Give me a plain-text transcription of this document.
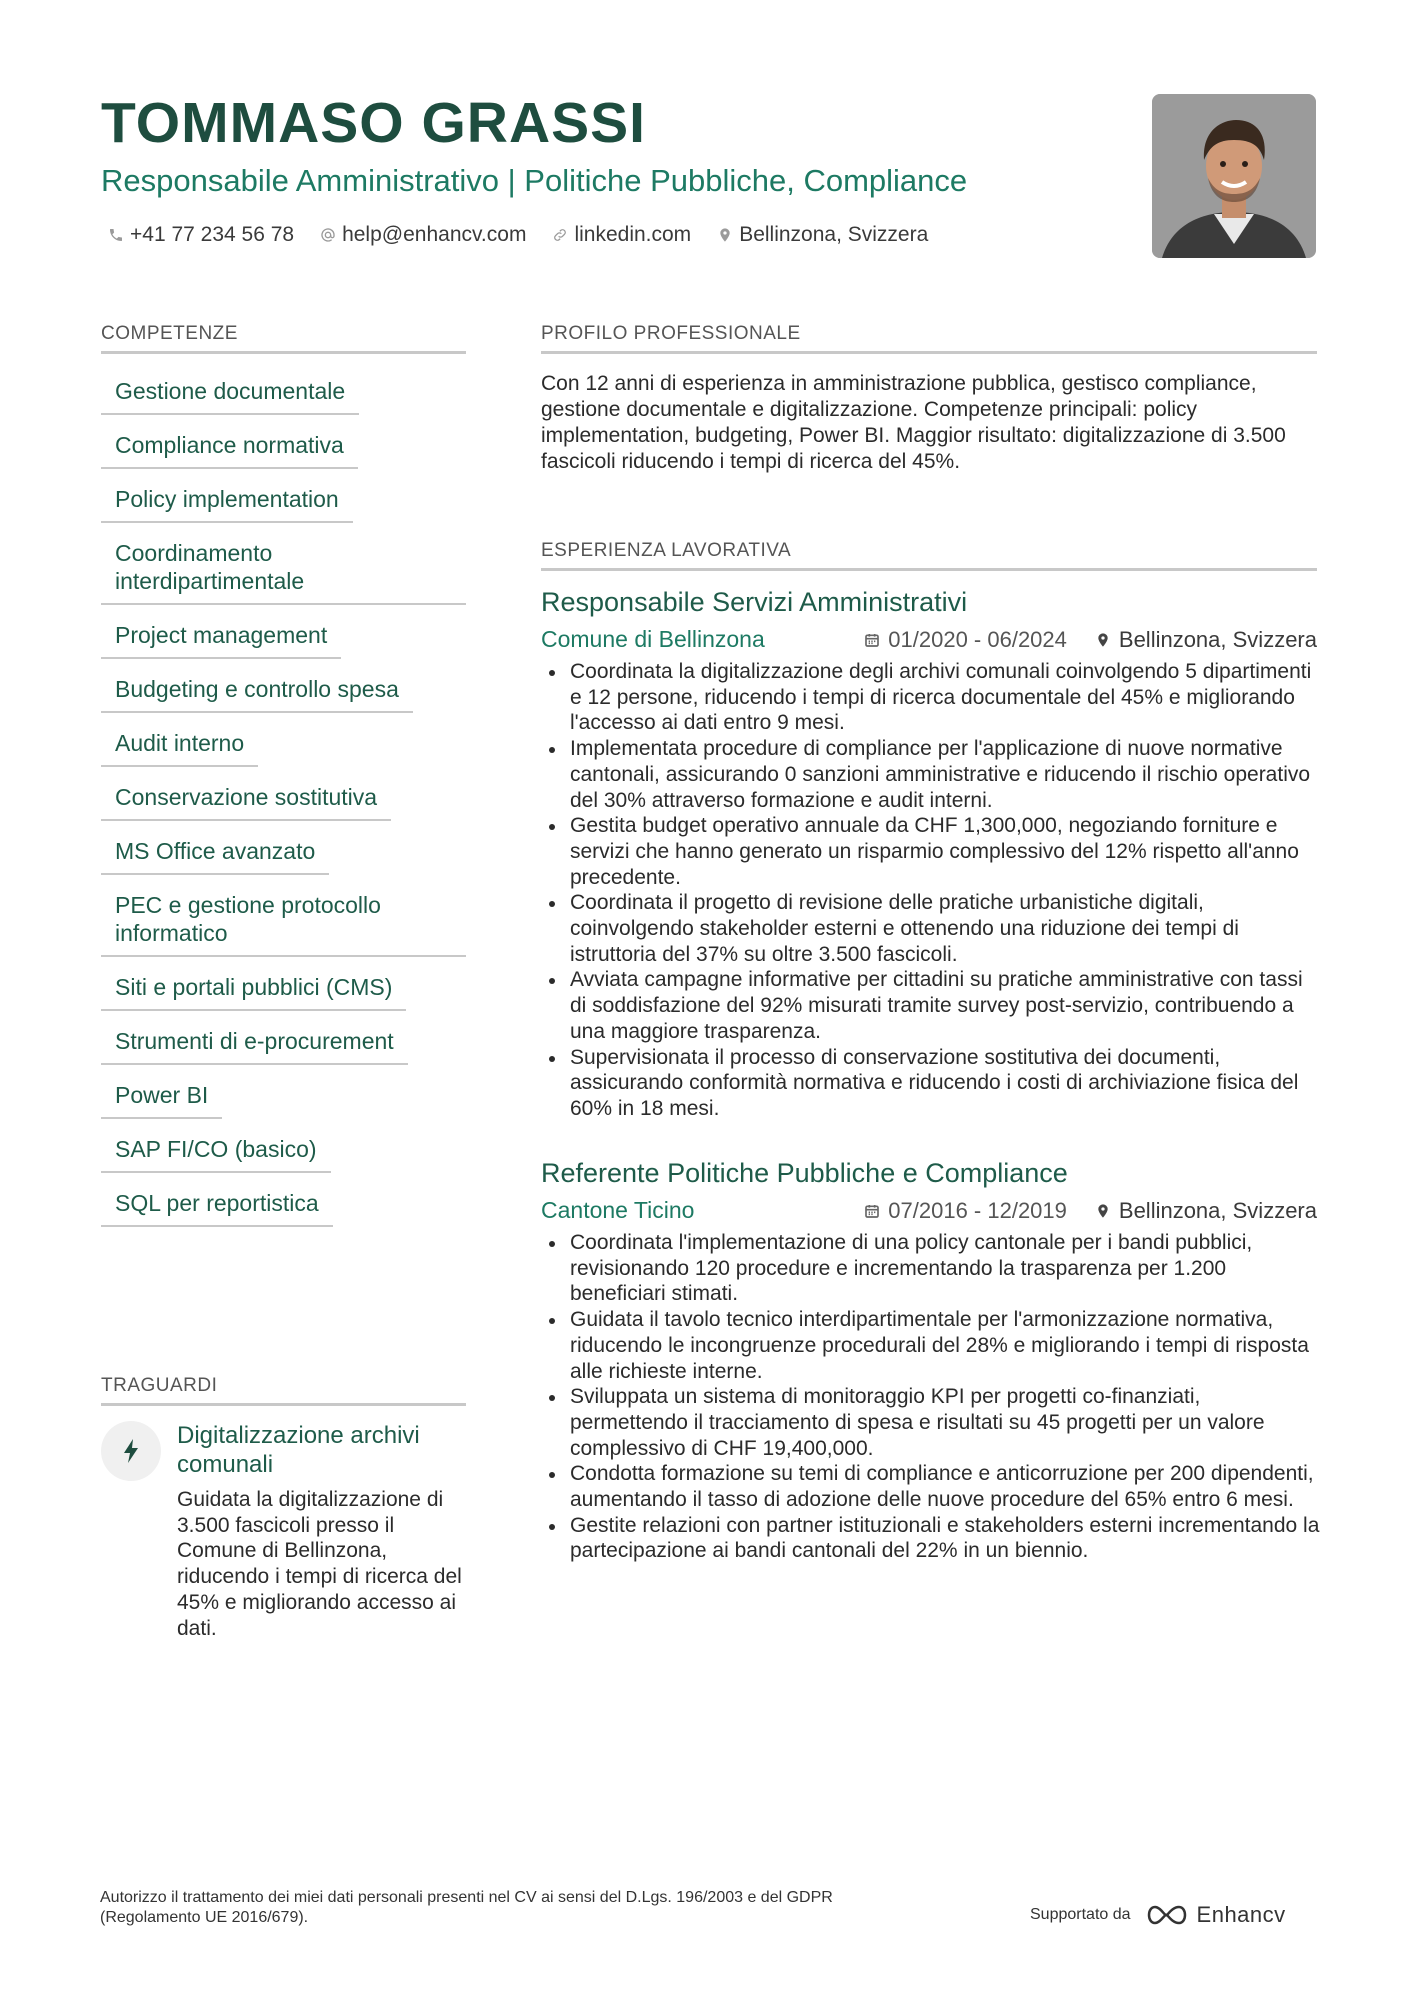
TOMMASO GRASSI
Responsabile Amministrativo | Politiche Pubbliche, Compliance
+41 77 234 56 78 help@enhancv.com linkedin.com Bellinzona, Svizzera
COMPETENZE
Gestione documentale
Compliance normativa
Policy implementation
Coordinamento interdipartimentale
Project management
Budgeting e controllo spesa
Audit interno
Conservazione sostitutiva
MS Office avanzato
PEC e gestione protocollo informatico
Siti e portali pubblici (CMS)
Strumenti di e-procurement
Power BI
SAP FI/CO (basico)
SQL per reportistica
TRAGUARDI
Digitalizzazione archivi comunali
Guidata la digitalizzazione di 3.500 fascicoli presso il Comune di Bellinzona, riducendo i tempi di ricerca del 45% e migliorando accesso ai dati.
PROFILO PROFESSIONALE
Con 12 anni di esperienza in amministrazione pubblica, gestisco compliance, gestione documentale e digitalizzazione. Competenze principali: policy implementation, budgeting, Power BI. Maggior risultato: digitalizzazione di 3.500 fascicoli riducendo i tempi di ricerca del 45%.
ESPERIENZA LAVORATIVA
Responsabile Servizi Amministrativi
Comune di Bellinzona	01/2020 - 06/2024 Bellinzona, Svizzera
Coordinata la digitalizzazione degli archivi comunali coinvolgendo 5 dipartimenti e 12 persone, riducendo i tempi di ricerca documentale del 45% e migliorando l'accesso ai dati entro 9 mesi.
Implementata procedure di compliance per l'applicazione di nuove normative cantonali, assicurando 0 sanzioni amministrative e riducendo il rischio operativo del 30% attraverso formazione e audit interni.
Gestita budget operativo annuale da CHF 1,300,000, negoziando forniture e servizi che hanno generato un risparmio complessivo del 12% rispetto all'anno precedente.
Coordinata il progetto di revisione delle pratiche urbanistiche digitali, coinvolgendo stakeholder esterni e ottenendo una riduzione dei tempi di istruttoria del 37% su oltre 3.500 fascicoli.
Avviata campagne informative per cittadini su pratiche amministrative con tassi di soddisfazione del 92% misurati tramite survey post-servizio, contribuendo a una maggiore trasparenza.
Supervisionata il processo di conservazione sostitutiva dei documenti, assicurando conformità normativa e riducendo i costi di archiviazione fisica del 60% in 18 mesi.
Referente Politiche Pubbliche e Compliance
Cantone Ticino	07/2016 - 12/2019 Bellinzona, Svizzera
Coordinata l'implementazione di una policy cantonale per i bandi pubblici, revisionando 120 procedure e incrementando la trasparenza per 1.200 beneficiari stimati.
Guidata il tavolo tecnico interdipartimentale per l'armonizzazione normativa, riducendo le incongruenze procedurali del 28% e migliorando i tempi di risposta alle richieste interne.
Sviluppata un sistema di monitoraggio KPI per progetti co-finanziati, permettendo il tracciamento di spesa e risultati su 45 progetti per un valore complessivo di CHF 19,400,000.
Condotta formazione su temi di compliance e anticorruzione per 200 dipendenti, aumentando il tasso di adozione delle nuove procedure del 65% entro 6 mesi.
Gestite relazioni con partner istituzionali e stakeholders esterni incrementando la partecipazione ai bandi cantonali del 22% in un biennio.
Autorizzo il trattamento dei miei dati personali presenti nel CV ai sensi del D.Lgs. 196/2003 e del GDPR (Regolamento UE 2016/679).	Supportato da	Enhancv
